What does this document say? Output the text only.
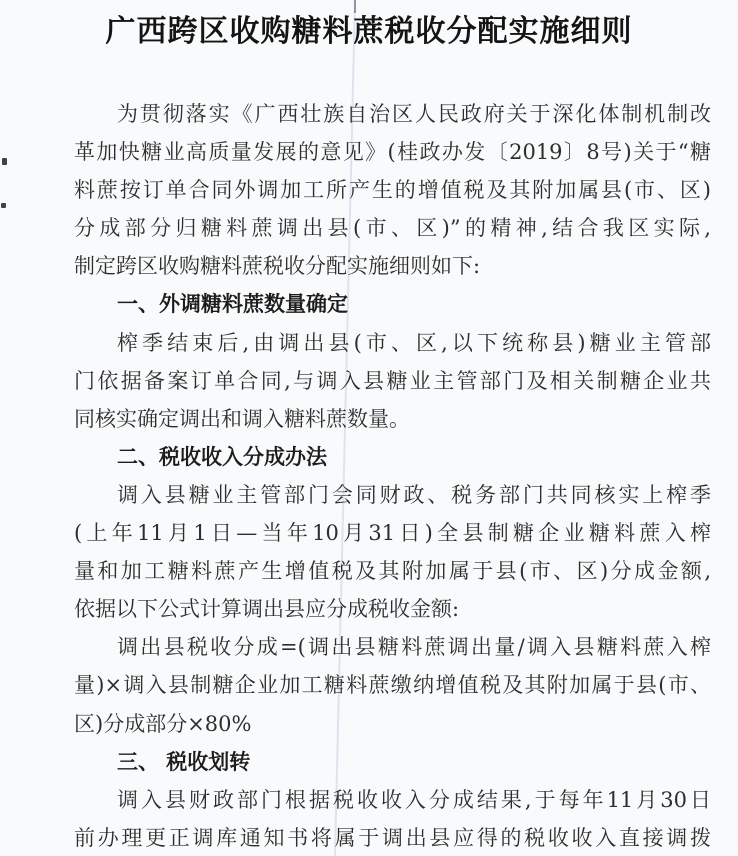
广西跨区收购糖料蔗税收分配实施细则
为贯彻落实《广西壮族自治区人民政府关于深化体制机制改
革加快糖业高质量发展的意见》(桂政办发〔2019〕8号)关于“糖
料蔗按订单合同外调加工所产生的增值税及其附加属县(市、区)
分成部分归糖料蔗调出县(市、区)”的精神,结合我区实际,
制定跨区收购糖料蔗税收分配实施细则如下:
一、外调糖料蔗数量确定
榨季结束后,由调出县(市、区,以下统称县)糖业主管部
门依据备案订单合同,与调入县糖业主管部门及相关制糖企业共
同核实确定调出和调入糖料蔗数量。
二、税收收入分成办法
调入县糖业主管部门会同财政、税务部门共同核实上榨季
(上年11月1日—当年10月31日)全县制糖企业糖料蔗入榨
量和加工糖料蔗产生增值税及其附加属于县(市、区)分成金额,
依据以下公式计算调出县应分成税收金额:
调出县税收分成=(调出县糖料蔗调出量/调入县糖料蔗入榨
量)×调入县制糖企业加工糖料蔗缴纳增值税及其附加属于县(市、
区)分成部分×80%
三、 税收划转
调入县财政部门根据税收收入分成结果,于每年11月30日
前办理更正调库通知书将属于调出县应得的税收收入直接调拨
